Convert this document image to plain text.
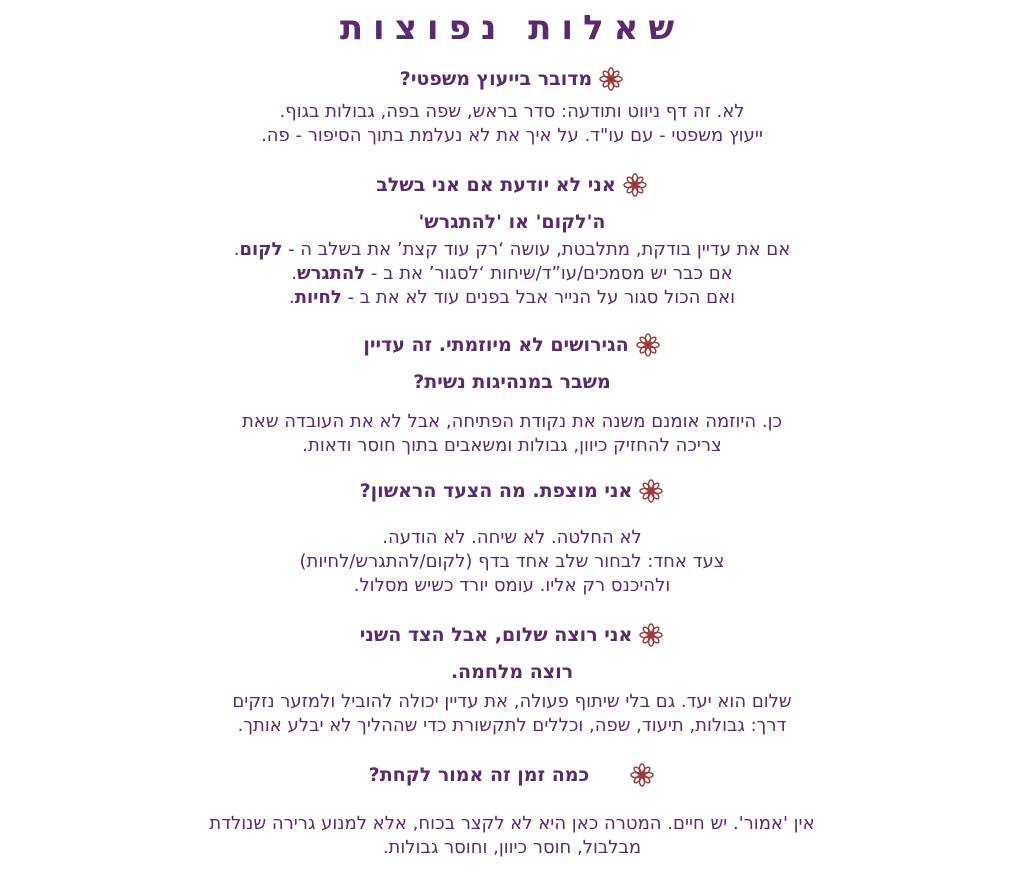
שאלות נפוצות
מדובר בייעוץ משפטי?
לא. זה דף ניווט ותודעה: סדר בראש, שפה בפה, גבולות בגוף.
ייעוץ משפטי - עם עו"ד. על איך את לא נעלמת בתוך הסיפור - פה.
אני לא יודעת אם אני בשלב
ה'לקום' או 'להתגרש'
אם את עדיין בודקת, מתלבטת, עושה ‘רק עוד קצת’ את בשלב ה - לקום.
אם כבר יש מסמכים/עו”ד/שיחות ‘לסגור’ את ב - להתגרש.
ואם הכול סגור על הנייר אבל בפנים עוד לא את ב - לחיות.
הגירושים לא מיוזמתי. זה עדיין
משבר במנהיגות נשית?
כן. היוזמה אומנם משנה את נקודת הפתיחה, אבל לא את העובדה שאת
צריכה להחזיק כיוון, גבולות ומשאבים בתוך חוסר ודאות.
אני מוצפת. מה הצעד הראשון?
לא החלטה. לא שיחה. לא הודעה.
צעד אחד: לבחור שלב אחד בדף (לקום/להתגרש/לחיות)
ולהיכנס רק אליו. עומס יורד כשיש מסלול.
אני רוצה שלום, אבל הצד השני
רוצה מלחמה.
שלום הוא יעד. גם בלי שיתוף פעולה, את עדיין יכולה להוביל ולמזער נזקים
דרך: גבולות, תיעוד, שפה, וכללים לתקשורת כדי שההליך לא יבלע אותך.
כמה זמן זה אמור לקחת?
אין 'אמור'. יש חיים. המטרה כאן היא לא לקצר בכוח, אלא למנוע גרירה שנולדת
מבלבול, חוסר כיוון, וחוסר גבולות.
